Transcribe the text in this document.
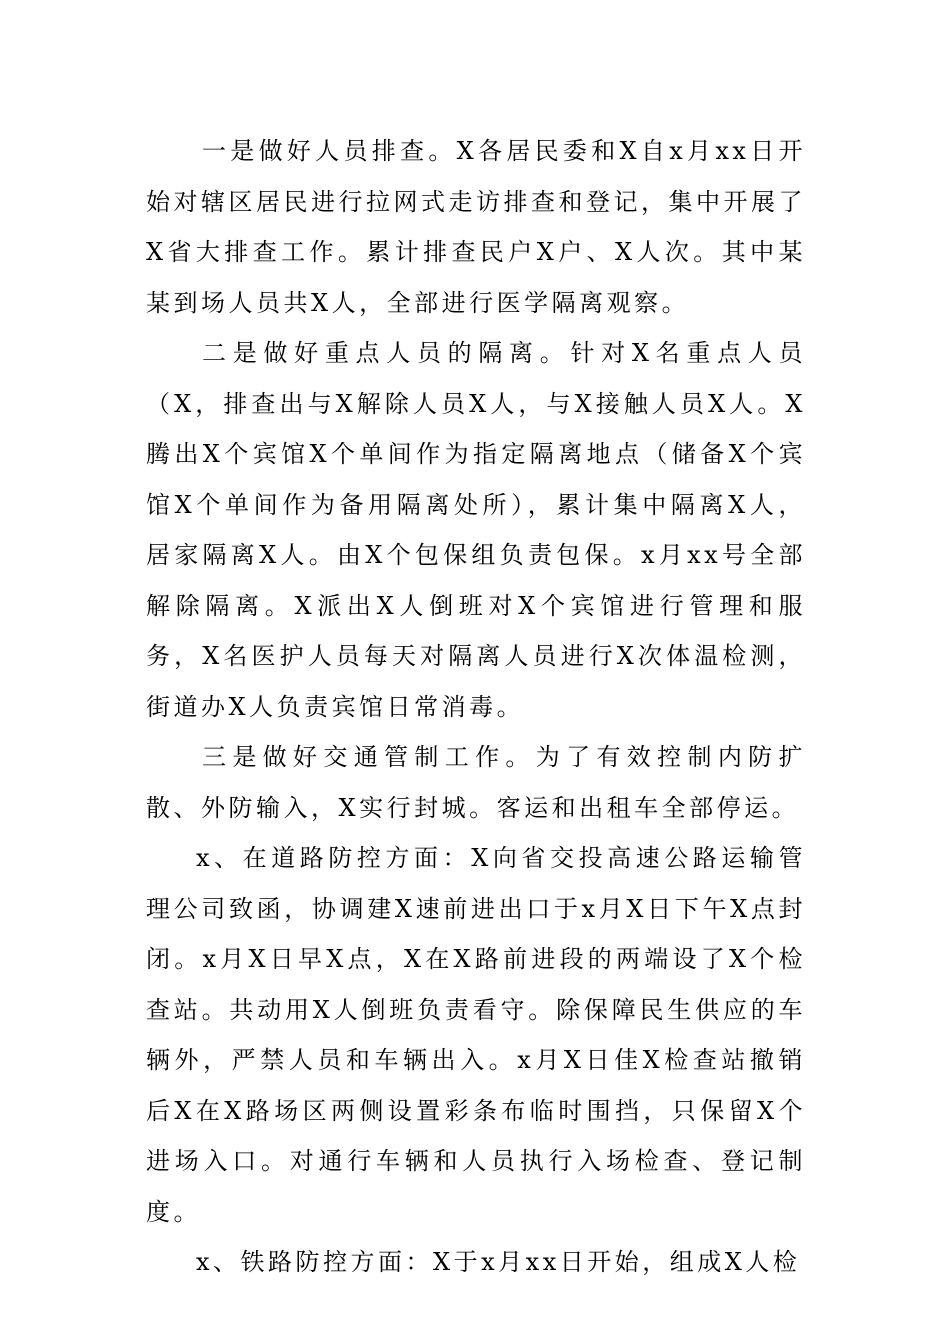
一是做好人员排查。X各居民委和X自x月xx日开始对辖区居民进行拉网式走访排查和登记，集中开展了X省大排查工作。累计排查民户X户、X人次。其中某某到场人员共X人，全部进行医学隔离观察。

二是做好重点人员的隔离。针对X名重点人员（X，排查出与X解除人员X人，与X接触人员X人。X腾出X个宾馆X个单间作为指定隔离地点（储备X个宾馆X个单间作为备用隔离处所），累计集中隔离X人，居家隔离X人。由X个包保组负责包保。x月xx号全部解除隔离。X派出X人倒班对X个宾馆进行管理和服务，X名医护人员每天对隔离人员进行X次体温检测，街道办X人负责宾馆日常消毒。

三是做好交通管制工作。为了有效控制内防扩散、外防输入，X实行封城。客运和出租车全部停运。

x、在道路防控方面：X向省交投高速公路运输管理公司致函，协调建X速前进出口于x月X日下午X点封闭。x月X日早X点，X在X路前进段的两端设了X个检查站。共动用X人倒班负责看守。除保障民生供应的车辆外，严禁人员和车辆出入。x月X日佳X检查站撤销后X在X路场区两侧设置彩条布临时围挡，只保留X个进场入口。对通行车辆和人员执行入场检查、登记制度。

x、铁路防控方面：X于x月xx日开始，组成X人检
